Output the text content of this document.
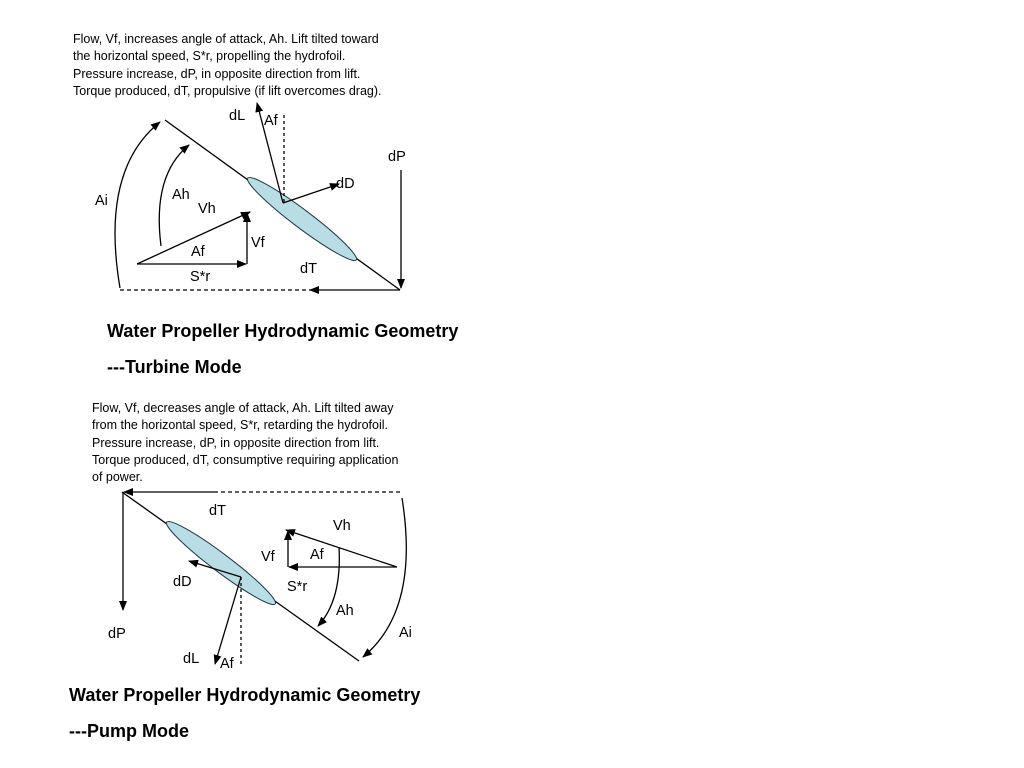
Flow, Vf, increases angle of attack, Ah. Lift tilted toward
the horizontal speed, S*r, propelling the hydrofoil.
Pressure increase, dP, in opposite direction from lift.
Torque produced, dT, propulsive (if lift overcomes drag).
Water Propeller Hydrodynamic Geometry
---Turbine Mode
Flow, Vf, decreases angle of attack, Ah. Lift tilted away
from the horizontal speed, S*r, retarding the hydrofoil.
Pressure increase, dP, in opposite direction from lift.
Torque produced, dT, consumptive requiring application
of power.
Water Propeller Hydrodynamic Geometry
---Pump Mode
dL Af
dP
dD
Ai	Ah
Vh
Vf
Af
dT
S*r
dT
Vh
Vf Af
dD	S*r
Ah
dP	Ai
dL Af
